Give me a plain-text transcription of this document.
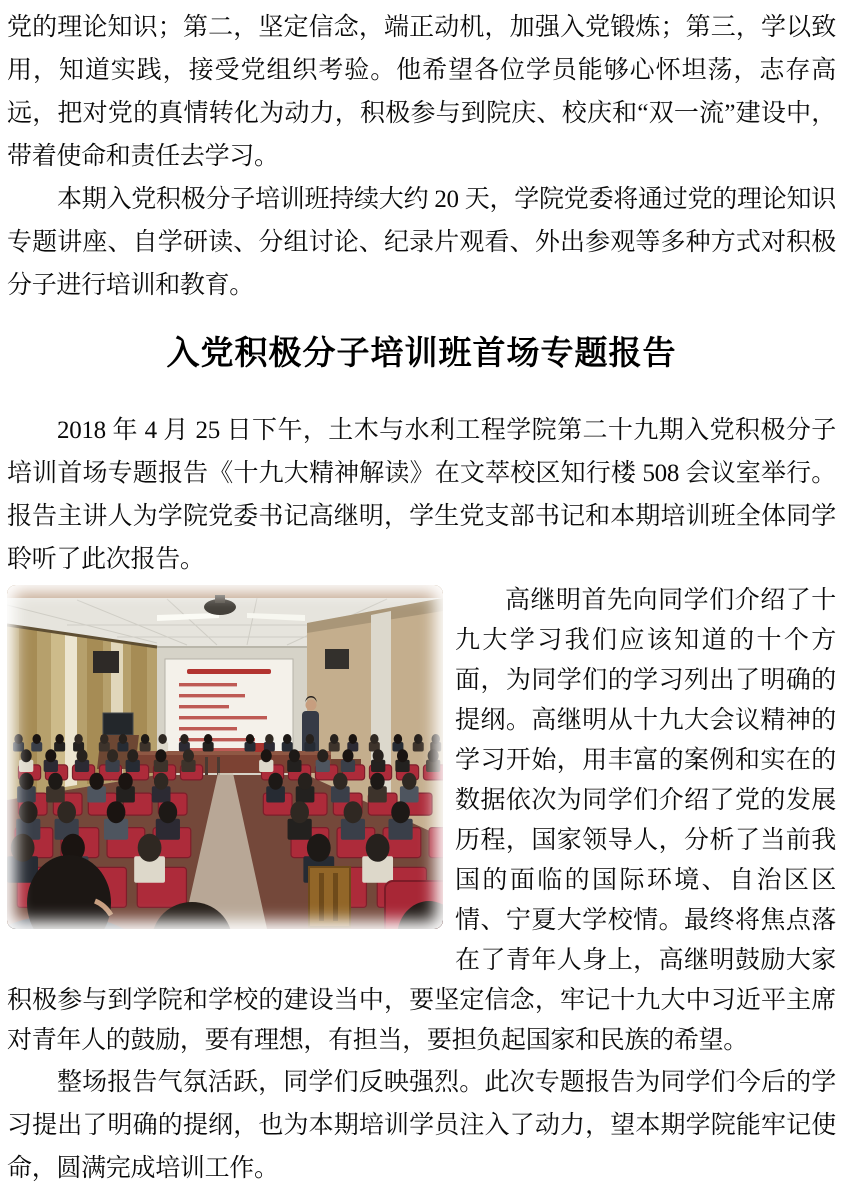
党的理论知识；第二，坚定信念，端正动机，加强入党锻炼；第三，学以致用，知道实践，接受党组织考验。他希望各位学员能够心怀坦荡，志存高远，把对党的真情转化为动力，积极参与到院庆、校庆和“双一流”建设中，带着使命和责任去学习。

本期入党积极分子培训班持续大约 20 天，学院党委将通过党的理论知识专题讲座、自学研读、分组讨论、纪录片观看、外出参观等多种方式对积极分子进行培训和教育。

入党积极分子培训班首场专题报告

2018 年 4 月 25 日下午，土木与水利工程学院第二十九期入党积极分子培训首场专题报告《十九大精神解读》在文萃校区知行楼 508 会议室举行。报告主讲人为学院党委书记高继明，学生党支部书记和本期培训班全体同学聆听了此次报告。

高继明首先向同学们介绍了十九大学习我们应该知道的十个方面，为同学们的学习列出了明确的提纲。高继明从十九大会议精神的学习开始，用丰富的案例和实在的数据依次为同学们介绍了党的发展历程，国家领导人，分析了当前我国的面临的国际环境、自治区区情、宁夏大学校情。最终将焦点落在了青年人身上，高继明鼓励大家积极参与到学院和学校的建设当中，要坚定信念，牢记十九大中习近平主席对青年人的鼓励，要有理想，有担当，要担负起国家和民族的希望。

整场报告气氛活跃，同学们反映强烈。此次专题报告为同学们今后的学习提出了明确的提纲，也为本期培训学员注入了动力，望本期学院能牢记使命，圆满完成培训工作。
